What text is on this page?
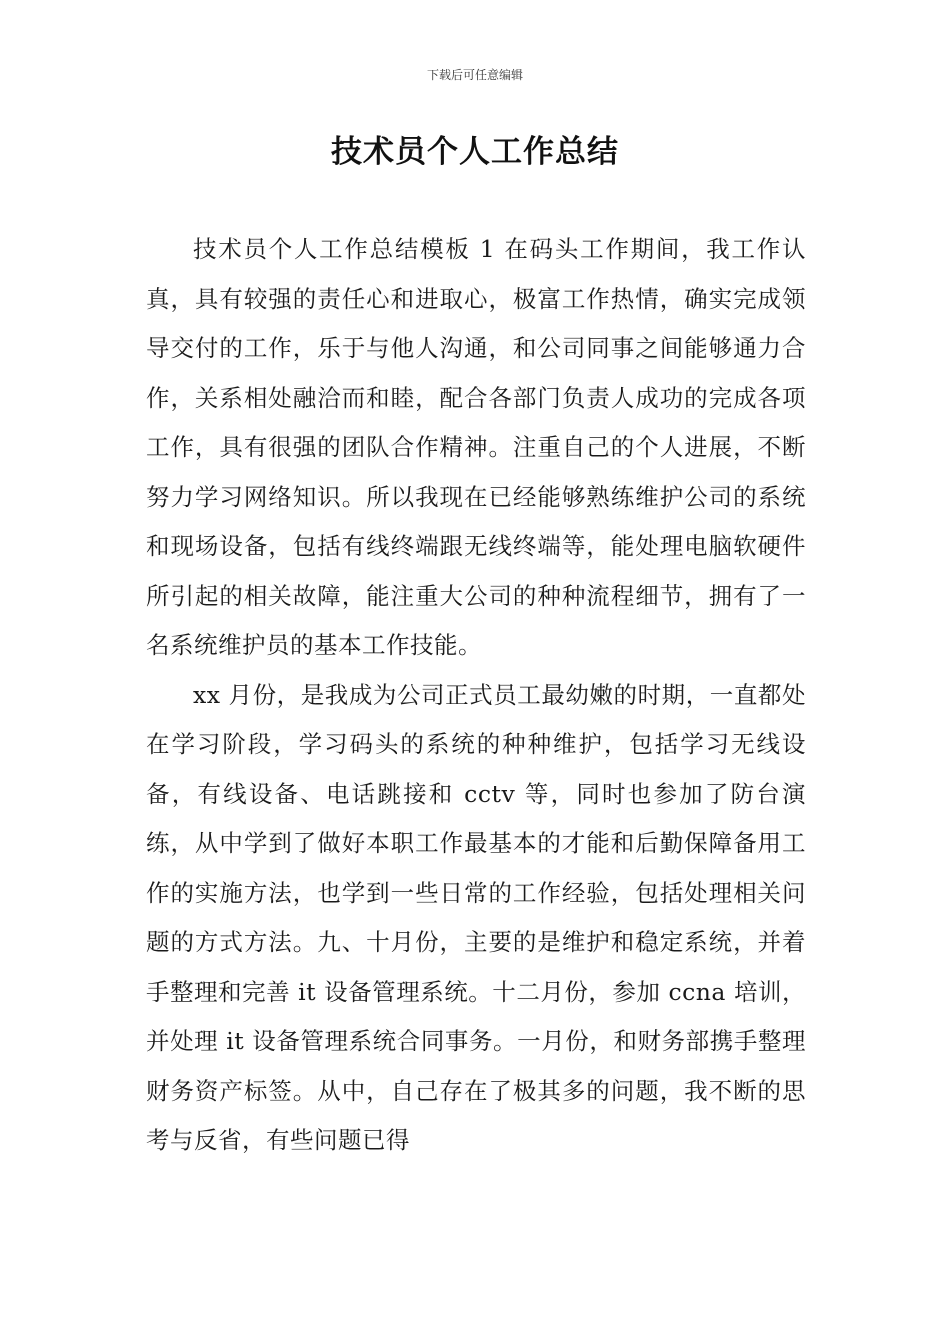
下载后可任意编辑
技术员个人工作总结

技术员个人工作总结模板 1 在码头工作期间，我工作认真，具有较强的责任心和进取心，极富工作热情，确实完成领导交付的工作，乐于与他人沟通，和公司同事之间能够通力合作，关系相处融洽而和睦，配合各部门负责人成功的完成各项工作，具有很强的团队合作精神。注重自己的个人进展，不断努力学习网络知识。所以我现在已经能够熟练维护公司的系统和现场设备，包括有线终端跟无线终端等，能处理电脑软硬件所引起的相关故障，能注重大公司的种种流程细节，拥有了一名系统维护员的基本工作技能。

xx 月份，是我成为公司正式员工最幼嫩的时期，一直都处在学习阶段，学习码头的系统的种种维护，包括学习无线设备，有线设备、电话跳接和 cctv 等，同时也参加了防台演练，从中学到了做好本职工作最基本的才能和后勤保障备用工作的实施方法，也学到一些日常的工作经验，包括处理相关问题的方式方法。九、十月份，主要的是维护和稳定系统，并着手整理和完善 it 设备管理系统。十二月份，参加 ccna 培训，并处理 it 设备管理系统合同事务。一月份，和财务部携手整理财务资产标签。从中，自己存在了极其多的问题，我不断的思考与反省，有些问题已得
